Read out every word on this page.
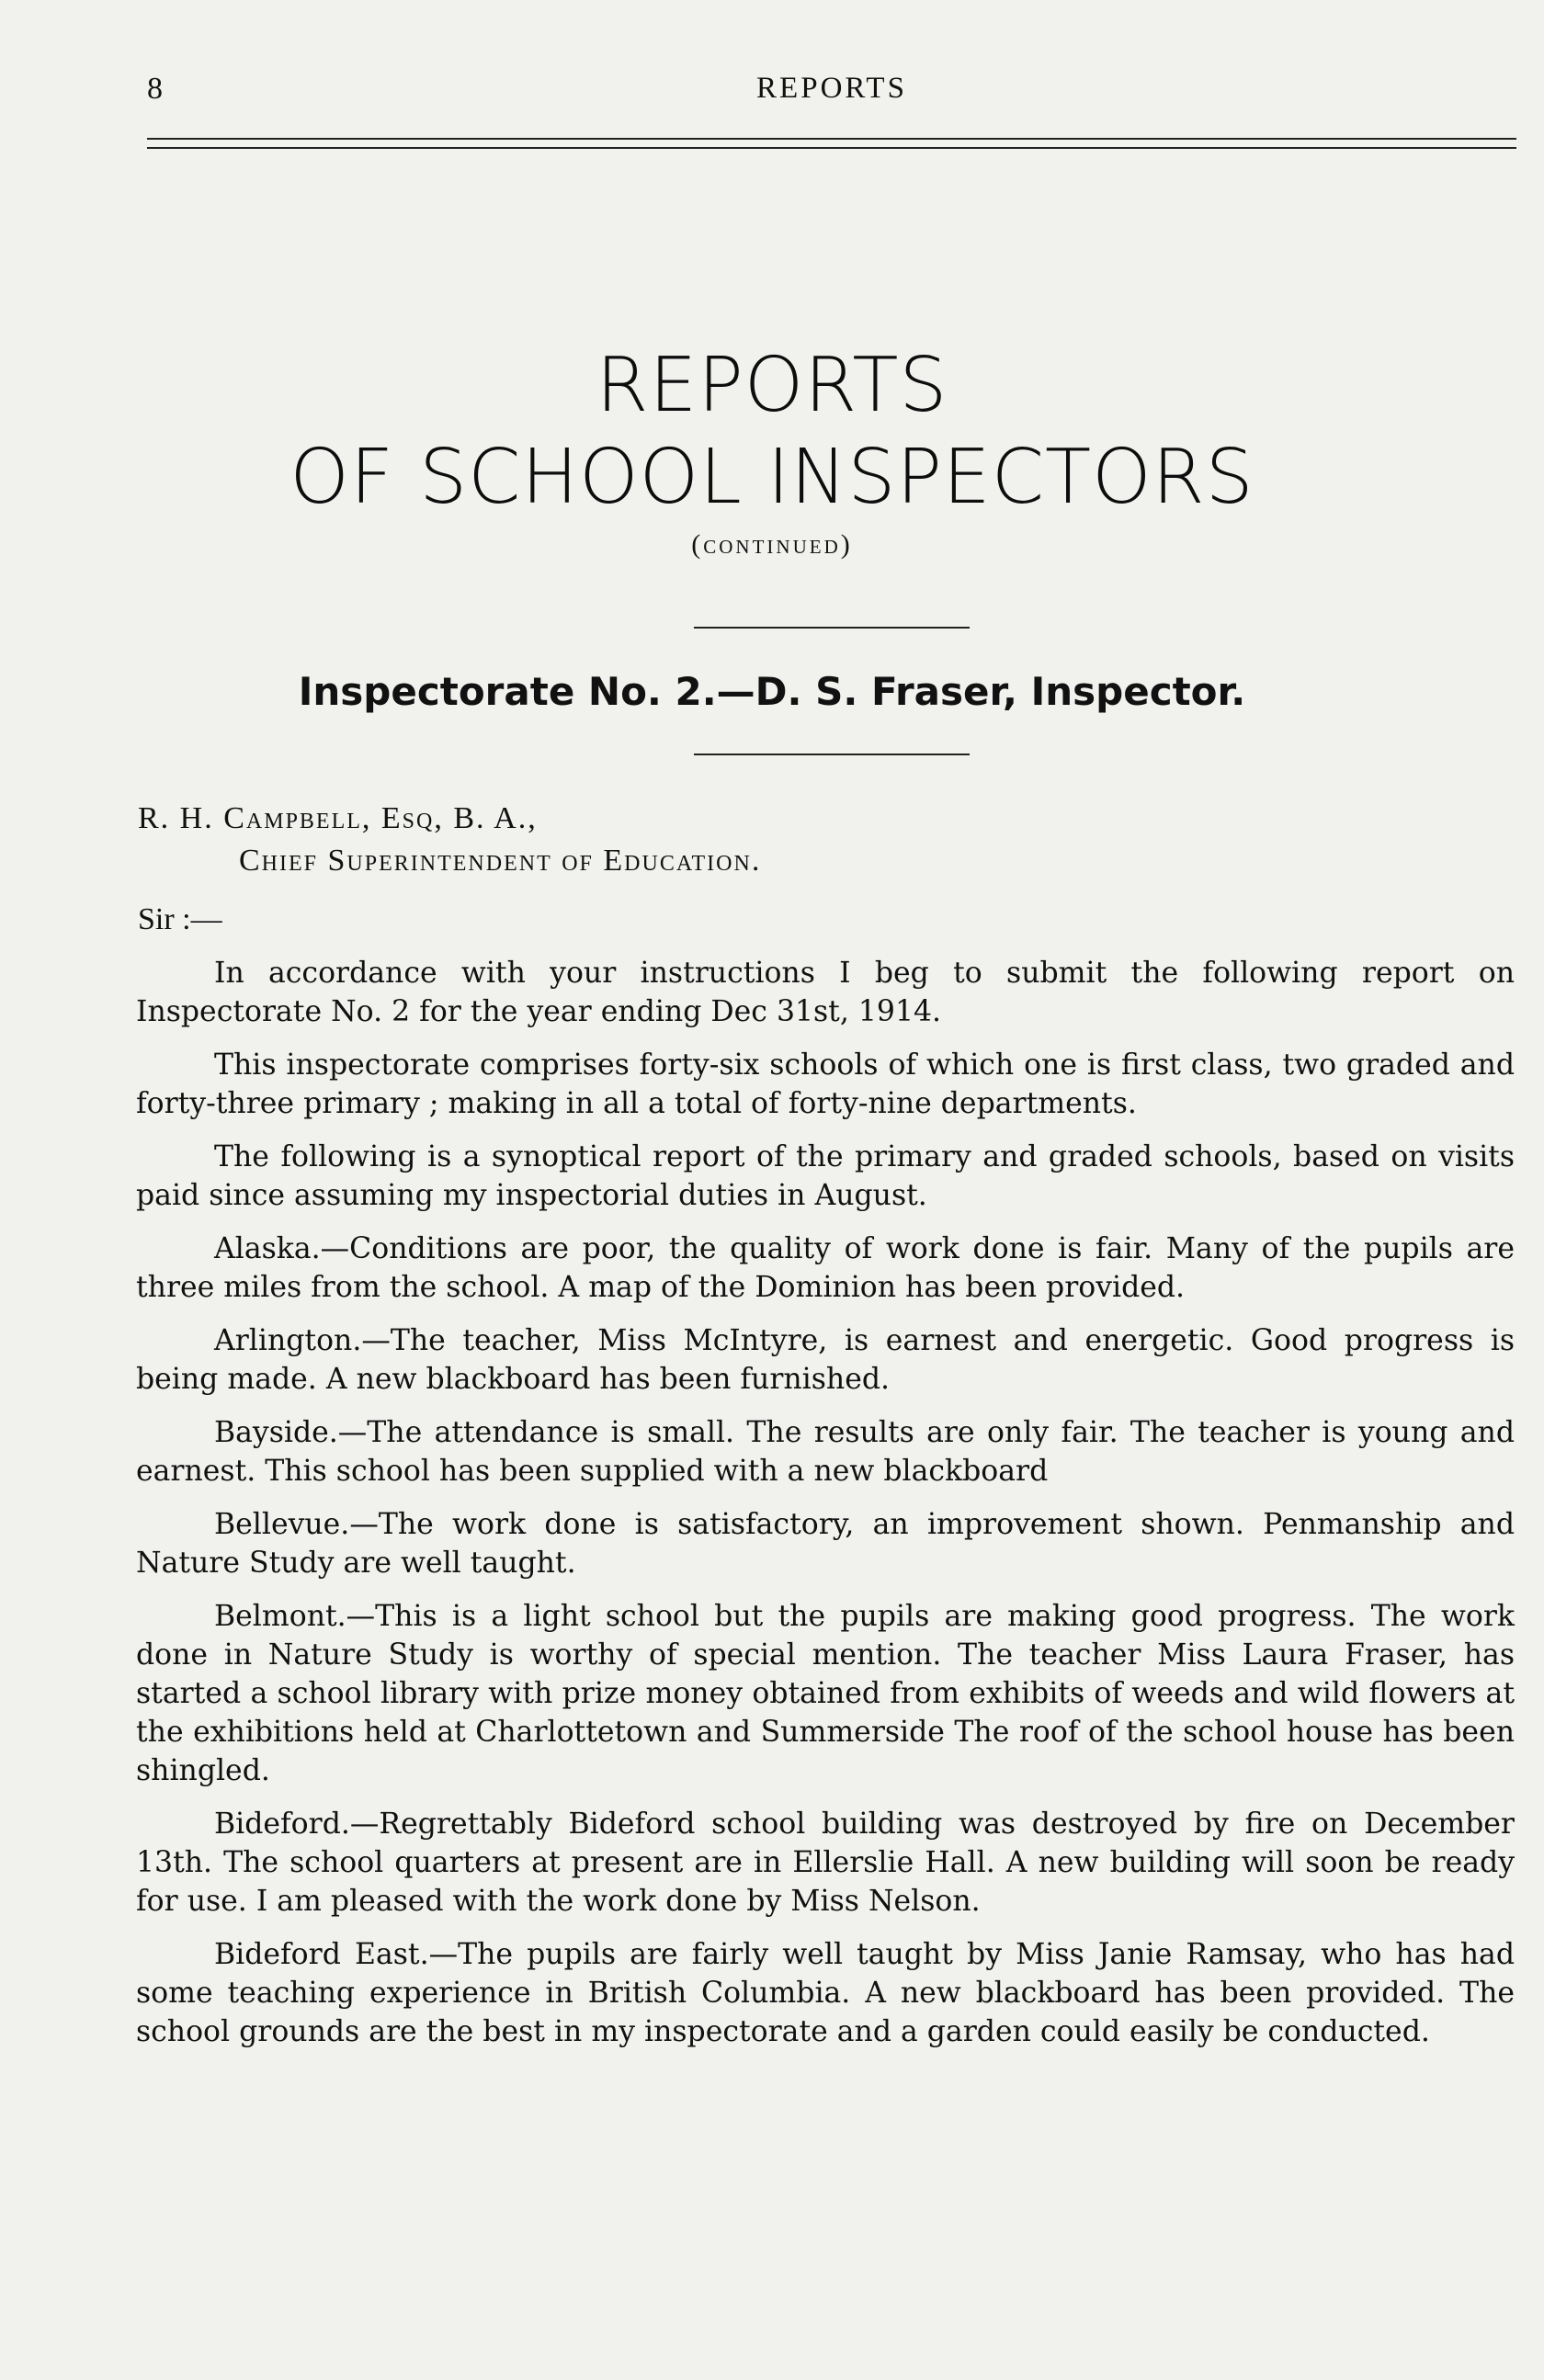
8	REPORTS
REPORTS
OF SCHOOL INSPECTORS
(continued)
Inspectorate No. 2.—D. S. Fraser, Inspector.
R. H. Campbell, Esq, B. A.,
Chief Superintendent of Education.
Sir :—

In accordance with your instructions I beg to submit the following report on Inspectorate No. 2 for the year ending Dec 31st, 1914.

This inspectorate comprises forty-six schools of which one is first class, two graded and forty-three primary ; making in all a total of forty-nine departments.

The following is a synoptical report of the primary and graded schools, based on visits paid since assuming my inspectorial duties in August.

Alaska.—Conditions are poor, the quality of work done is fair. Many of the pupils are three miles from the school. A map of the Dominion has been provided.

Arlington.—The teacher, Miss McIntyre, is earnest and energetic. Good progress is being made. A new blackboard has been furnished.

Bayside.—The attendance is small. The results are only fair. The teacher is young and earnest. This school has been supplied with a new blackboard

Bellevue.—The work done is satisfactory, an improvement shown. Penmanship and Nature Study are well taught.

Belmont.—This is a light school but the pupils are making good progress. The work done in Nature Study is worthy of special mention. The teacher Miss Laura Fraser, has started a school library with prize money obtained from exhibits of weeds and wild flowers at the exhibitions held at Charlottetown and Summerside The roof of the school house has been shingled.

Bideford.—Regrettably Bideford school building was destroyed by fire on December 13th. The school quarters at present are in Ellerslie Hall. A new building will soon be ready for use. I am pleased with the work done by Miss Nelson.

Bideford East.—The pupils are fairly well taught by Miss Janie Ramsay, who has had some teaching experience in British Columbia. A new blackboard has been provided. The school grounds are the best in my inspectorate and a garden could easily be conducted.
